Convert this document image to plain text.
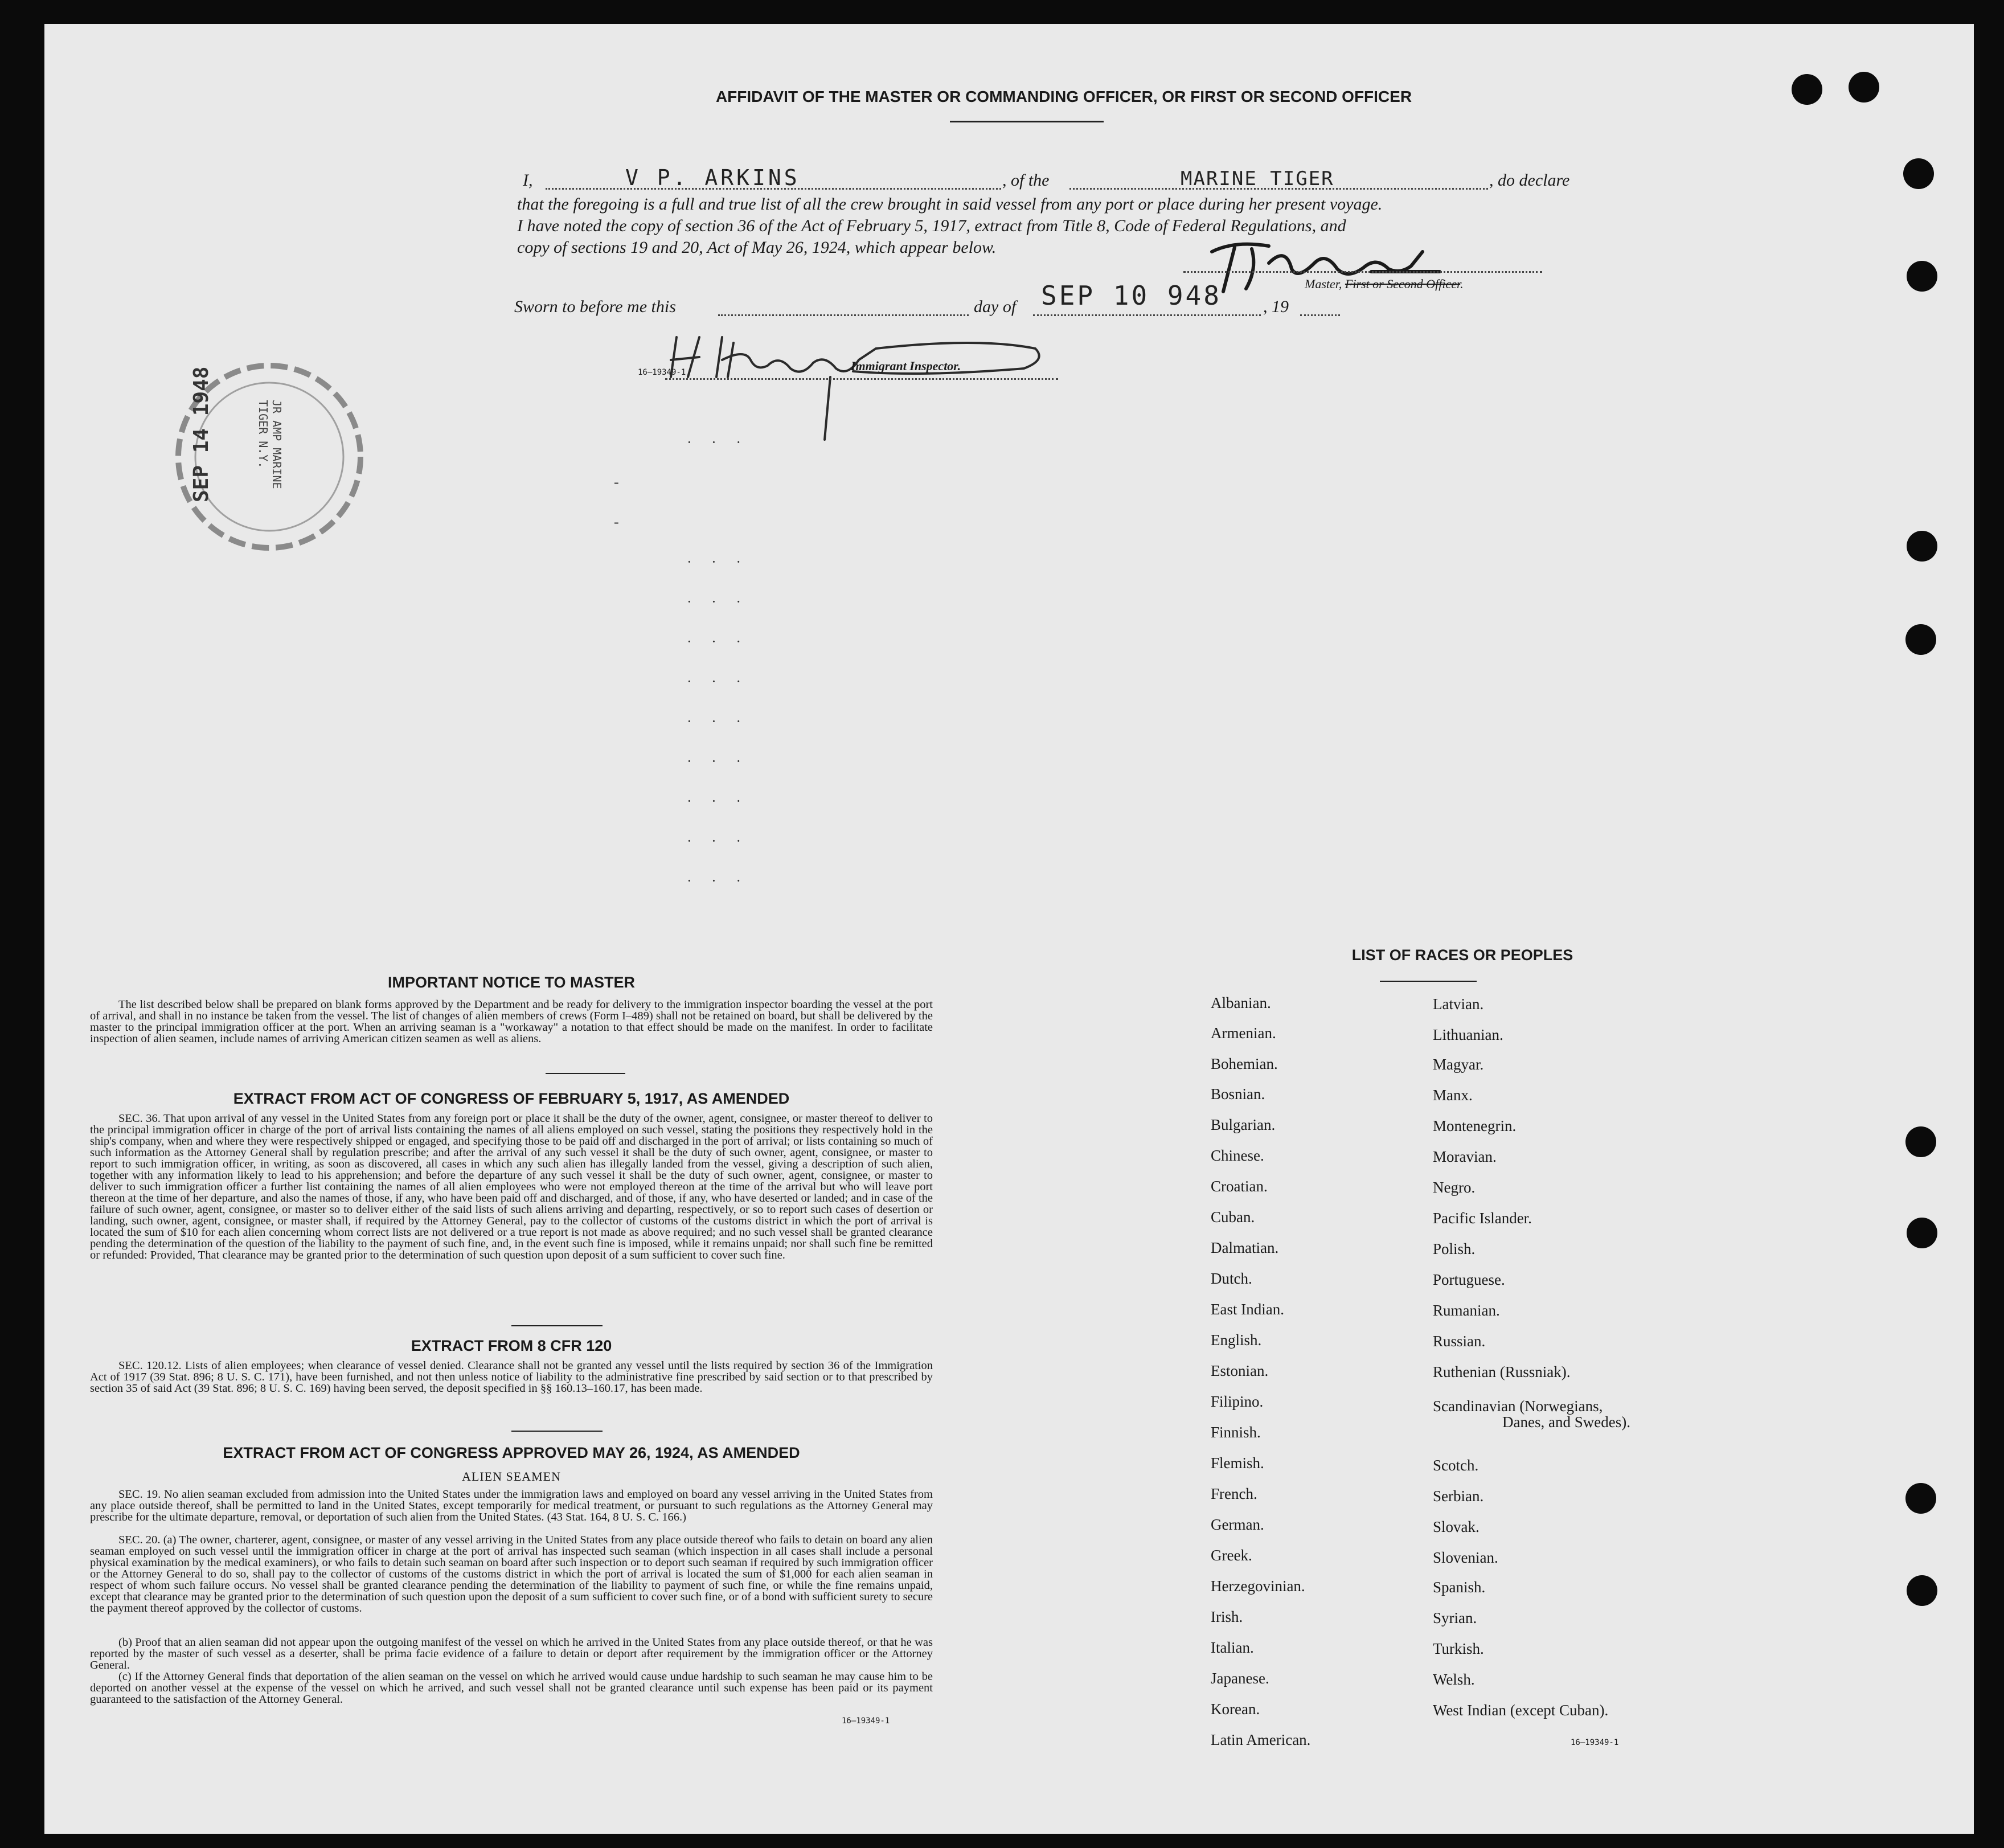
AFFIDAVIT OF THE MASTER OR COMMANDING OFFICER, OR FIRST OR SECOND OFFICER
I,	V P. ARKINS	, of the	MARINE TIGER	, do declare
that the foregoing is a full and true list of all the crew brought in said vessel from any port or place during her present voyage.
I have noted the copy of section 36 of the Act of February 5, 1917, extract from Title 8, Code of Federal Regulations, and
copy of sections 19 and 20, Act of May 26, 1924, which appear below.
Master, First or Second Officer.
Sworn to before me this	day of SEP 10 948 , 19
16—19349-1	Immigrant Inspector.
SEP 14 1948	JR AMP MARINE TIGER N.Y.	· · ·
-
-
· · ·
· · ·
· · ·
· · ·
· · ·
· · ·
· · ·
· · ·
· · ·
IMPORTANT NOTICE TO MASTER
The list described below shall be prepared on blank forms approved by the Department and be ready for delivery to the immigration inspector boarding the vessel at the port of arrival, and shall in no instance be taken from the vessel. The list of changes of alien members of crews (Form I–489) shall not be retained on board, but shall be delivered by the master to the principal immigration officer at the port. When an arriving seaman is a "workaway" a notation to that effect should be made on the manifest. In order to facilitate inspection of alien seamen, include names of arriving American citizen seamen as well as aliens.
EXTRACT FROM ACT OF CONGRESS OF FEBRUARY 5, 1917, AS AMENDED
SEC. 36. That upon arrival of any vessel in the United States from any foreign port or place it shall be the duty of the owner, agent, consignee, or master thereof to deliver to the principal immigration officer in charge of the port of arrival lists containing the names of all aliens employed on such vessel, stating the positions they respectively hold in the ship's company, when and where they were respectively shipped or engaged, and specifying those to be paid off and discharged in the port of arrival; or lists containing so much of such information as the Attorney General shall by regulation prescribe; and after the arrival of any such vessel it shall be the duty of such owner, agent, consignee, or master to report to such immigration officer, in writing, as soon as discovered, all cases in which any such alien has illegally landed from the vessel, giving a description of such alien, together with any information likely to lead to his apprehension; and before the departure of any such vessel it shall be the duty of such owner, agent, consignee, or master to deliver to such immigration officer a further list containing the names of all alien employees who were not employed thereon at the time of the arrival but who will leave port thereon at the time of her departure, and also the names of those, if any, who have been paid off and discharged, and of those, if any, who have deserted or landed; and in case of the failure of such owner, agent, consignee, or master so to deliver either of the said lists of such aliens arriving and departing, respectively, or so to report such cases of desertion or landing, such owner, agent, consignee, or master shall, if required by the Attorney General, pay to the collector of customs of the customs district in which the port of arrival is located the sum of $10 for each alien concerning whom correct lists are not delivered or a true report is not made as above required; and no such vessel shall be granted clearance pending the determination of the question of the liability to the payment of such fine, and, in the event such fine is imposed, while it remains unpaid; nor shall such fine be remitted or refunded: Provided, That clearance may be granted prior to the determination of such question upon deposit of a sum sufficient to cover such fine.
EXTRACT FROM 8 CFR 120
SEC. 120.12. Lists of alien employees; when clearance of vessel denied. Clearance shall not be granted any vessel until the lists required by section 36 of the Immigration Act of 1917 (39 Stat. 896; 8 U. S. C. 171), have been furnished, and not then unless notice of liability to the administrative fine prescribed by said section or to that prescribed by section 35 of said Act (39 Stat. 896; 8 U. S. C. 169) having been served, the deposit specified in §§ 160.13–160.17, has been made.
EXTRACT FROM ACT OF CONGRESS APPROVED MAY 26, 1924, AS AMENDED
ALIEN SEAMEN
SEC. 19. No alien seaman excluded from admission into the United States under the immigration laws and employed on board any vessel arriving in the United States from any place outside thereof, shall be permitted to land in the United States, except temporarily for medical treatment, or pursuant to such regulations as the Attorney General may prescribe for the ultimate departure, removal, or deportation of such alien from the United States. (43 Stat. 164, 8 U. S. C. 166.)
SEC. 20. (a) The owner, charterer, agent, consignee, or master of any vessel arriving in the United States from any place outside thereof who fails to detain on board any alien seaman employed on such vessel until the immigration officer in charge at the port of arrival has inspected such seaman (which inspection in all cases shall include a personal physical examination by the medical examiners), or who fails to detain such seaman on board after such inspection or to deport such seaman if required by such immigration officer or the Attorney General to do so, shall pay to the collector of customs of the customs district in which the port of arrival is located the sum of $1,000 for each alien seaman in respect of whom such failure occurs. No vessel shall be granted clearance pending the determination of the liability to payment of such fine, or while the fine remains unpaid, except that clearance may be granted prior to the determination of such question upon the deposit of a sum sufficient to cover such fine, or of a bond with sufficient surety to secure the payment thereof approved by the collector of customs.
(b) Proof that an alien seaman did not appear upon the outgoing manifest of the vessel on which he arrived in the United States from any place outside thereof, or that he was reported by the master of such vessel as a deserter, shall be prima facie evidence of a failure to detain or deport after requirement by the immigration officer or the Attorney General.
(c) If the Attorney General finds that deportation of the alien seaman on the vessel on which he arrived would cause undue hardship to such seaman he may cause him to be deported on another vessel at the expense of the vessel on which he arrived, and such vessel shall not be granted clearance until such expense has been paid or its payment guaranteed to the satisfaction of the Attorney General.
16—19349-1
LIST OF RACES OR PEOPLES
Albanian.
Armenian.
Bohemian.
Bosnian.
Bulgarian.
Chinese.
Croatian.
Cuban.
Dalmatian.
Dutch.
East Indian.
English.
Estonian.
Filipino.
Finnish.
Flemish.
French.
German.
Greek.
Herzegovinian.
Irish.
Italian.
Japanese.
Korean.
Latin American.
Latvian.
Lithuanian.
Magyar.
Manx.
Montenegrin.
Moravian.
Negro.
Pacific Islander.
Polish.
Portuguese.
Rumanian.
Russian.
Ruthenian (Russniak).
Scandinavian (Norwegians,
Danes, and Swedes).
Scotch.
Serbian.
Slovak.
Slovenian.
Spanish.
Syrian.
Turkish.
Welsh.
West Indian (except Cuban).
16—19349-1
